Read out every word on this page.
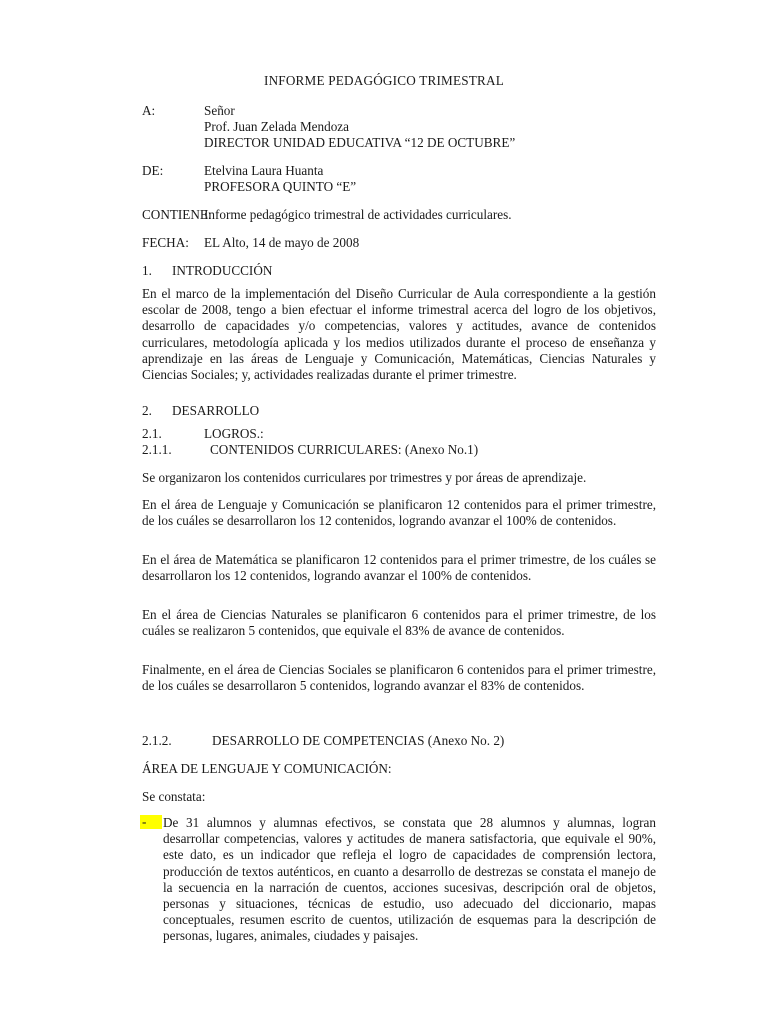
INFORME PEDAGÓGICO TRIMESTRAL
A:	Señor
Prof. Juan Zelada Mendoza
DIRECTOR UNIDAD EDUCATIVA “12 DE OCTUBRE”
DE:	Etelvina Laura Huanta
PROFESORA QUINTO “E”
CONTIENE:
Informe pedagógico trimestral de actividades curriculares.
FECHA: EL Alto, 14 de mayo de 2008
1. INTRODUCCIÓN
En el marco de la implementación del Diseño Curricular de Aula correspondiente a la gestión escolar de 2008, tengo a bien efectuar el informe trimestral acerca del logro de los objetivos, desarrollo de capacidades y/o competencias, valores y actitudes, avance de contenidos curriculares, metodología aplicada y los medios utilizados durante el proceso de enseñanza y aprendizaje en las áreas de Lenguaje y Comunicación, Matemáticas, Ciencias Naturales y Ciencias Sociales; y, actividades realizadas durante el primer trimestre.
2. DESARROLLO
2.1.	LOGROS.:
2.1.1.	CONTENIDOS CURRICULARES: (Anexo No.1)
Se organizaron los contenidos curriculares por trimestres y por áreas de aprendizaje.
En el área de Lenguaje y Comunicación se planificaron 12 contenidos para el primer trimestre, de los cuáles se desarrollaron los 12 contenidos, logrando avanzar el 100% de contenidos.
En el área de Matemática se planificaron 12 contenidos para el primer trimestre, de los cuáles se desarrollaron los 12 contenidos, logrando avanzar el 100% de contenidos.
En el área de Ciencias Naturales se planificaron 6 contenidos para el primer trimestre, de los cuáles se realizaron 5 contenidos, que equivale el 83% de avance de contenidos.
Finalmente, en el área de Ciencias Sociales se planificaron 6 contenidos para el primer trimestre, de los cuáles se desarrollaron 5 contenidos, logrando avanzar el 83% de contenidos.
2.1.2.	DESARROLLO DE COMPETENCIAS (Anexo No. 2)
ÁREA DE LENGUAJE Y COMUNICACIÓN:
Se constata:
-	De 31 alumnos y alumnas efectivos, se constata que 28 alumnos y alumnas, logran desarrollar competencias, valores y actitudes de manera satisfactoria, que equivale el 90%, este dato, es un indicador que refleja el logro de capacidades de comprensión lectora, producción de textos auténticos, en cuanto a desarrollo de destrezas se constata el manejo de la secuencia en la narración de cuentos, acciones sucesivas, descripción oral de objetos, personas y situaciones, técnicas de estudio, uso adecuado del diccionario, mapas conceptuales, resumen escrito de cuentos, utilización de esquemas para la descripción de personas, lugares, animales, ciudades y paisajes.
